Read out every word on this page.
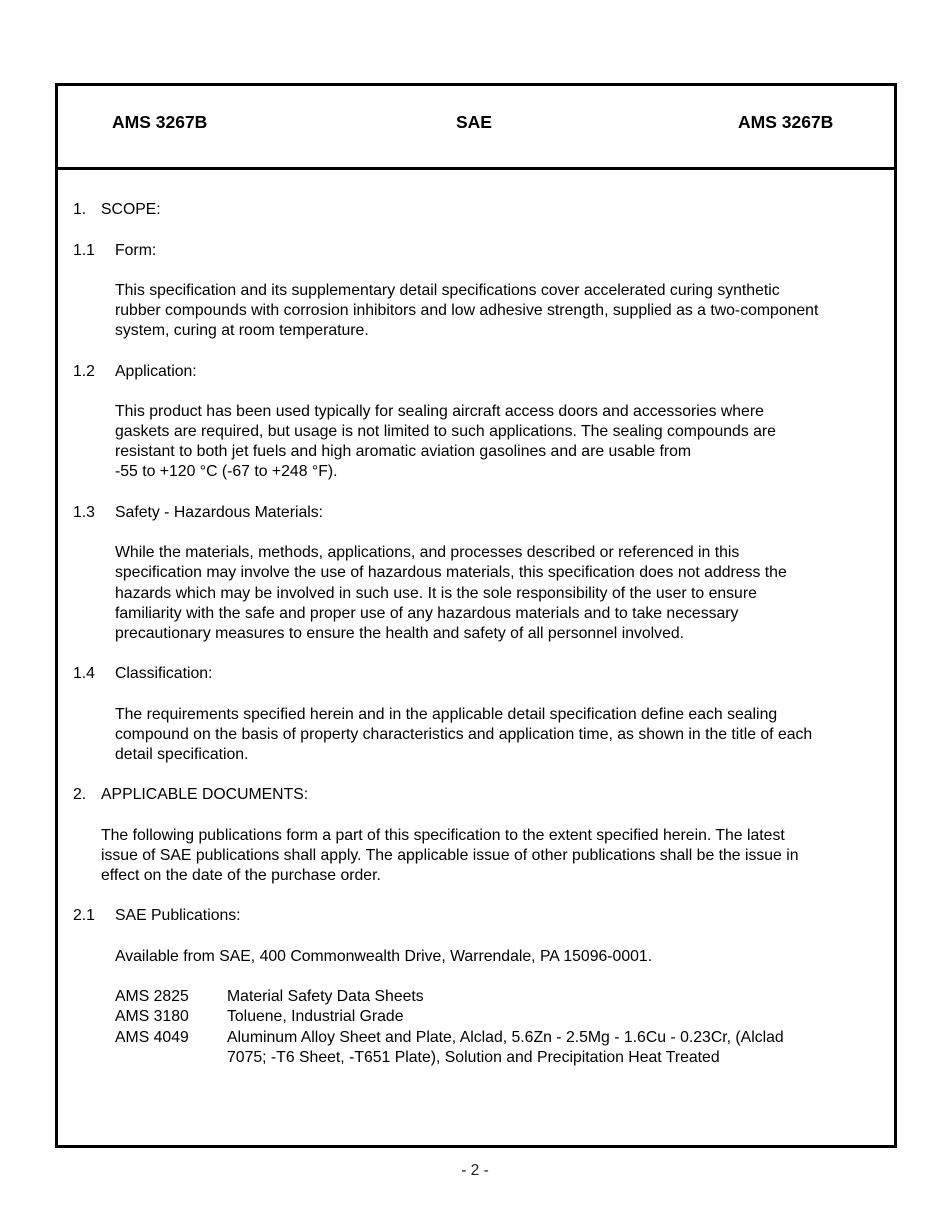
AMS 3267B	SAE	AMS 3267B
1. SCOPE:
1.1 Form:
This specification and its supplementary detail specifications cover accelerated curing synthetic
rubber compounds with corrosion inhibitors and low adhesive strength, supplied as a two-component
system, curing at room temperature.
1.2 Application:
This product has been used typically for sealing aircraft access doors and accessories where
gaskets are required, but usage is not limited to such applications. The sealing compounds are
resistant to both jet fuels and high aromatic aviation gasolines and are usable from
-55 to +120 °C (-67 to +248 °F).
1.3 Safety - Hazardous Materials:
While the materials, methods, applications, and processes described or referenced in this
specification may involve the use of hazardous materials, this specification does not address the
hazards which may be involved in such use. It is the sole responsibility of the user to ensure
familiarity with the safe and proper use of any hazardous materials and to take necessary
precautionary measures to ensure the health and safety of all personnel involved.
1.4 Classification:
The requirements specified herein and in the applicable detail specification define each sealing
compound on the basis of property characteristics and application time, as shown in the title of each
detail specification.
2. APPLICABLE DOCUMENTS:
The following publications form a part of this specification to the extent specified herein. The latest
issue of SAE publications shall apply. The applicable issue of other publications shall be the issue in
effect on the date of the purchase order.
2.1 SAE Publications:
Available from SAE, 400 Commonwealth Drive, Warrendale, PA 15096-0001.
AMS 2825 Material Safety Data Sheets
AMS 3180 Toluene, Industrial Grade
AMS 4049 Aluminum Alloy Sheet and Plate, Alclad, 5.6Zn - 2.5Mg - 1.6Cu - 0.23Cr, (Alclad
7075; -T6 Sheet, -T651 Plate), Solution and Precipitation Heat Treated
- 2 -
